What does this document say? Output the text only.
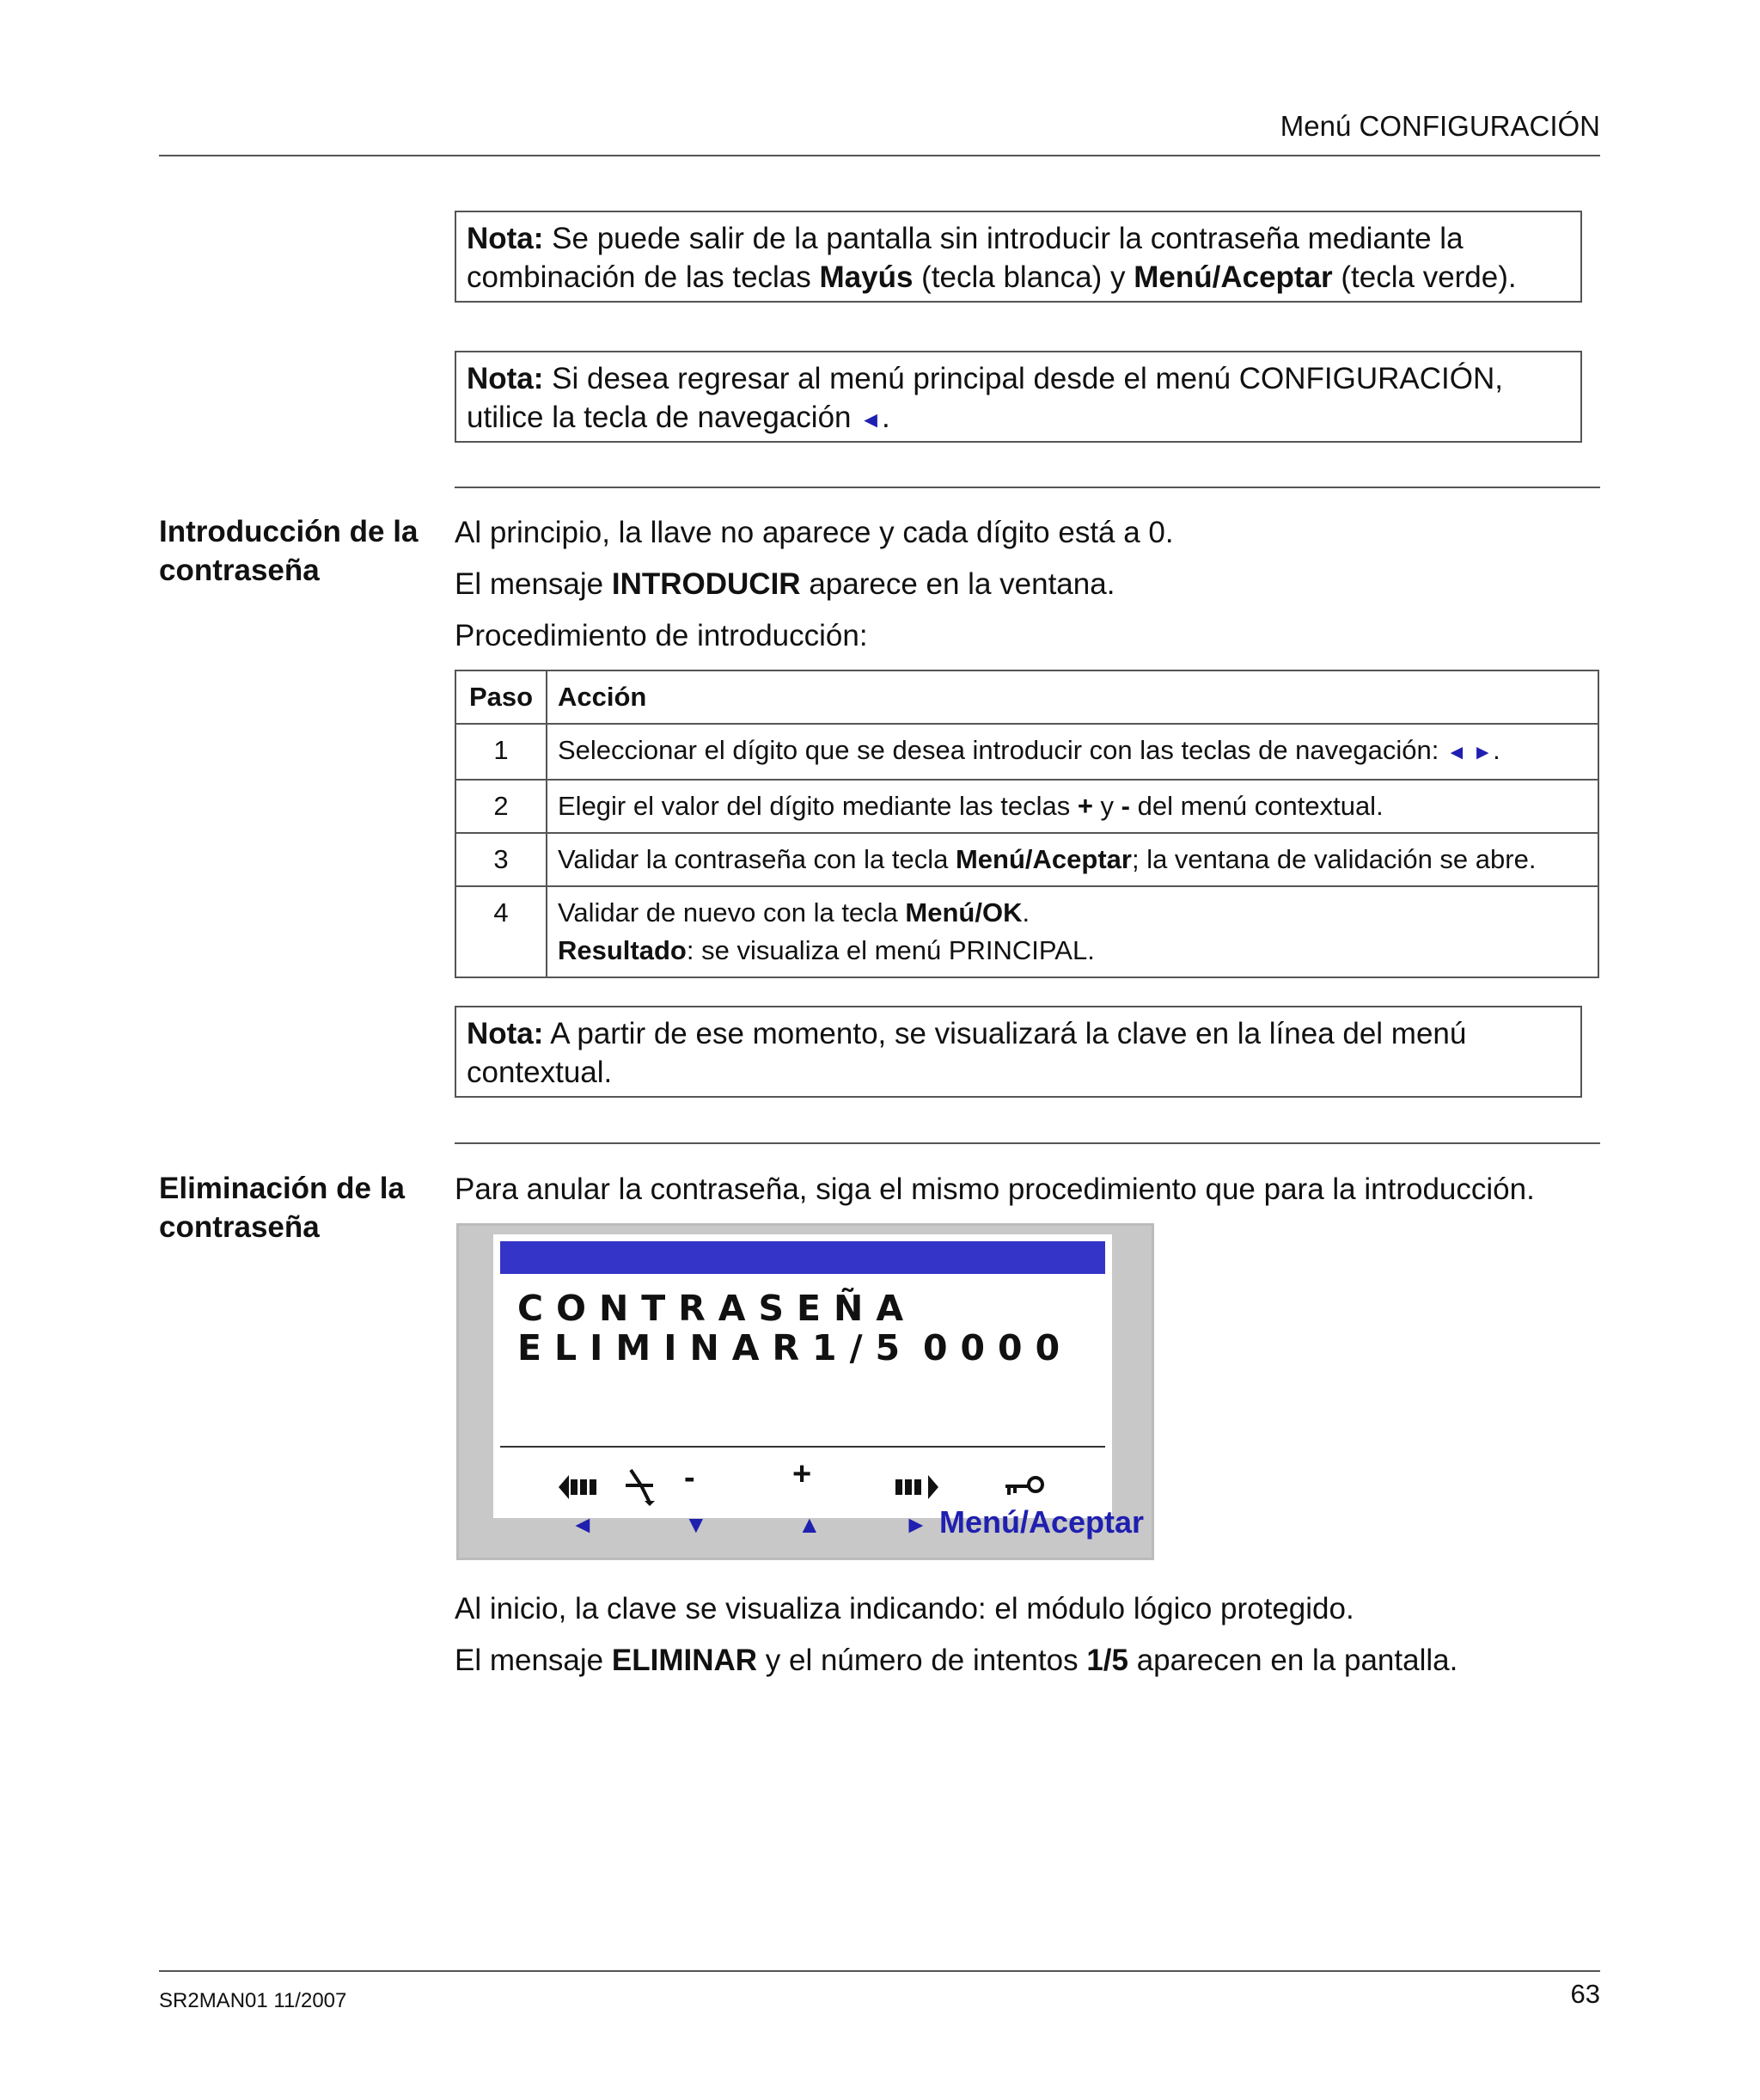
Menú CONFIGURACIÓN
Nota: Se puede salir de la pantalla sin introducir la contraseña mediante la combinación de las teclas Mayús (tecla blanca) y Menú/Aceptar (tecla verde).
Nota: Si desea regresar al menú principal desde el menú CONFIGURACIÓN, utilice la tecla de navegación ◄.
Introducción de la contraseña
Al principio, la llave no aparece y cada dígito está a 0.
El mensaje INTRODUCIR aparece en la ventana.
Procedimiento de introducción:
Paso	Acción
1	Seleccionar el dígito que se desea introducir con las teclas de navegación: ◄ ►.
2	Elegir el valor del dígito mediante las teclas + y - del menú contextual.
3	Validar la contraseña con la tecla Menú/Aceptar; la ventana de validación se abre.
4	Validar de nuevo con la tecla Menú/OK.
Resultado: se visualiza el menú PRINCIPAL.
Nota: A partir de ese momento, se visualizará la clave en la línea del menú contextual.
Eliminación de la contraseña
Para anular la contraseña, siga el mismo procedimiento que para la introducción.
CONTRASEÑA
ELIMINAR1/5 0000
-	+
◄	▼	▲	► Menú/Aceptar
Al inicio, la clave se visualiza indicando: el módulo lógico protegido.
El mensaje ELIMINAR y el número de intentos 1/5 aparecen en la pantalla.
SR2MAN01 11/2007	63
